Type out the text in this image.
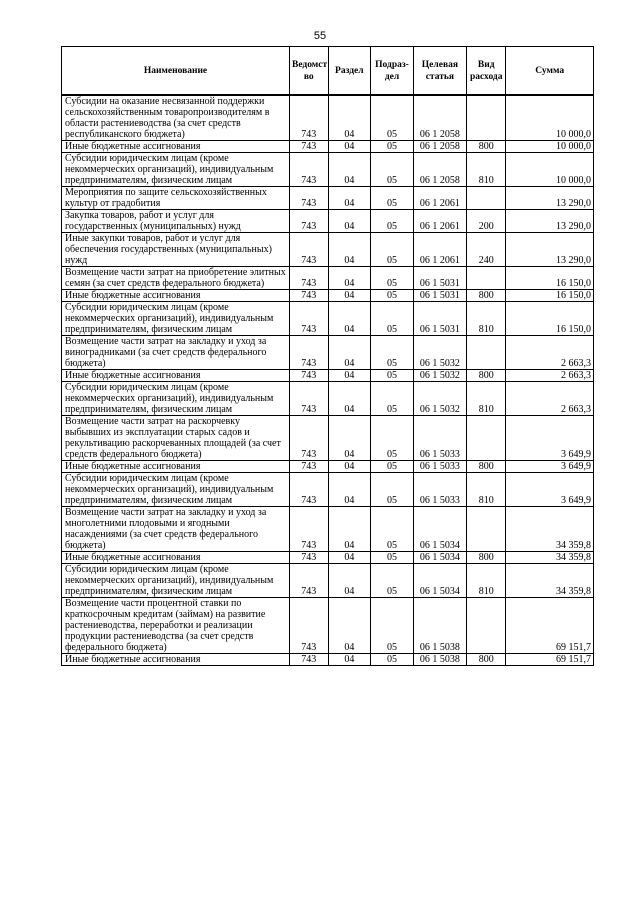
55
Наименование	Ведомст во	Раздел	Подраз- дел	Целевая статья	Вид расхода	Сумма
Субсидии на оказание несвязанной поддержки сельскохозяйственным товаропроизводителям в области растениеводства (за счет средств республиканского бюджета)	743	04	05	06 1 2058		10 000,0
Иные бюджетные ассигнования	743	04	05	06 1 2058	800	10 000,0
Субсидии юридическим лицам (кроме некоммерческих организаций), индивидуальным предпринимателям, физическим лицам	743	04	05	06 1 2058	810	10 000,0
Мероприятия по защите сельскохозяйственных культур от градобития	743	04	05	06 1 2061		13 290,0
Закупка товаров, работ и услуг для государственных (муниципальных) нужд	743	04	05	06 1 2061	200	13 290,0
Иные закупки товаров, работ и услуг для обеспечения государственных (муниципальных) нужд	743	04	05	06 1 2061	240	13 290,0
Возмещение части затрат на приобретение элитных семян (за счет средств федерального бюджета)	743	04	05	06 1 5031		16 150,0
Иные бюджетные ассигнования	743	04	05	06 1 5031	800	16 150,0
Субсидии юридическим лицам (кроме некоммерческих организаций), индивидуальным предпринимателям, физическим лицам	743	04	05	06 1 5031	810	16 150,0
Возмещение части затрат на закладку и уход за виноградниками (за счет средств федерального бюджета)	743	04	05	06 1 5032		2 663,3
Иные бюджетные ассигнования	743	04	05	06 1 5032	800	2 663,3
Субсидии юридическим лицам (кроме некоммерческих организаций), индивидуальным предпринимателям, физическим лицам	743	04	05	06 1 5032	810	2 663,3
Возмещение части затрат на раскорчевку выбывших из эксплуатации старых садов и рекультивацию раскорчеванных площадей (за счет средств федерального бюджета)	743	04	05	06 1 5033		3 649,9
Иные бюджетные ассигнования	743	04	05	06 1 5033	800	3 649,9
Субсидии юридическим лицам (кроме некоммерческих организаций), индивидуальным предпринимателям, физическим лицам	743	04	05	06 1 5033	810	3 649,9
Возмещение части затрат на закладку и уход за многолетними плодовыми и ягодными насаждениями (за счет средств федерального бюджета)	743	04	05	06 1 5034		34 359,8
Иные бюджетные ассигнования	743	04	05	06 1 5034	800	34 359,8
Субсидии юридическим лицам (кроме некоммерческих организаций), индивидуальным предпринимателям, физическим лицам	743	04	05	06 1 5034	810	34 359,8
Возмещение части процентной ставки по краткосрочным кредитам (займам) на развитие растениеводства, переработки и реализации продукции растениеводства (за счет средств федерального бюджета)	743	04	05	06 1 5038		69 151,7
Иные бюджетные ассигнования	743	04	05	06 1 5038	800	69 151,7
